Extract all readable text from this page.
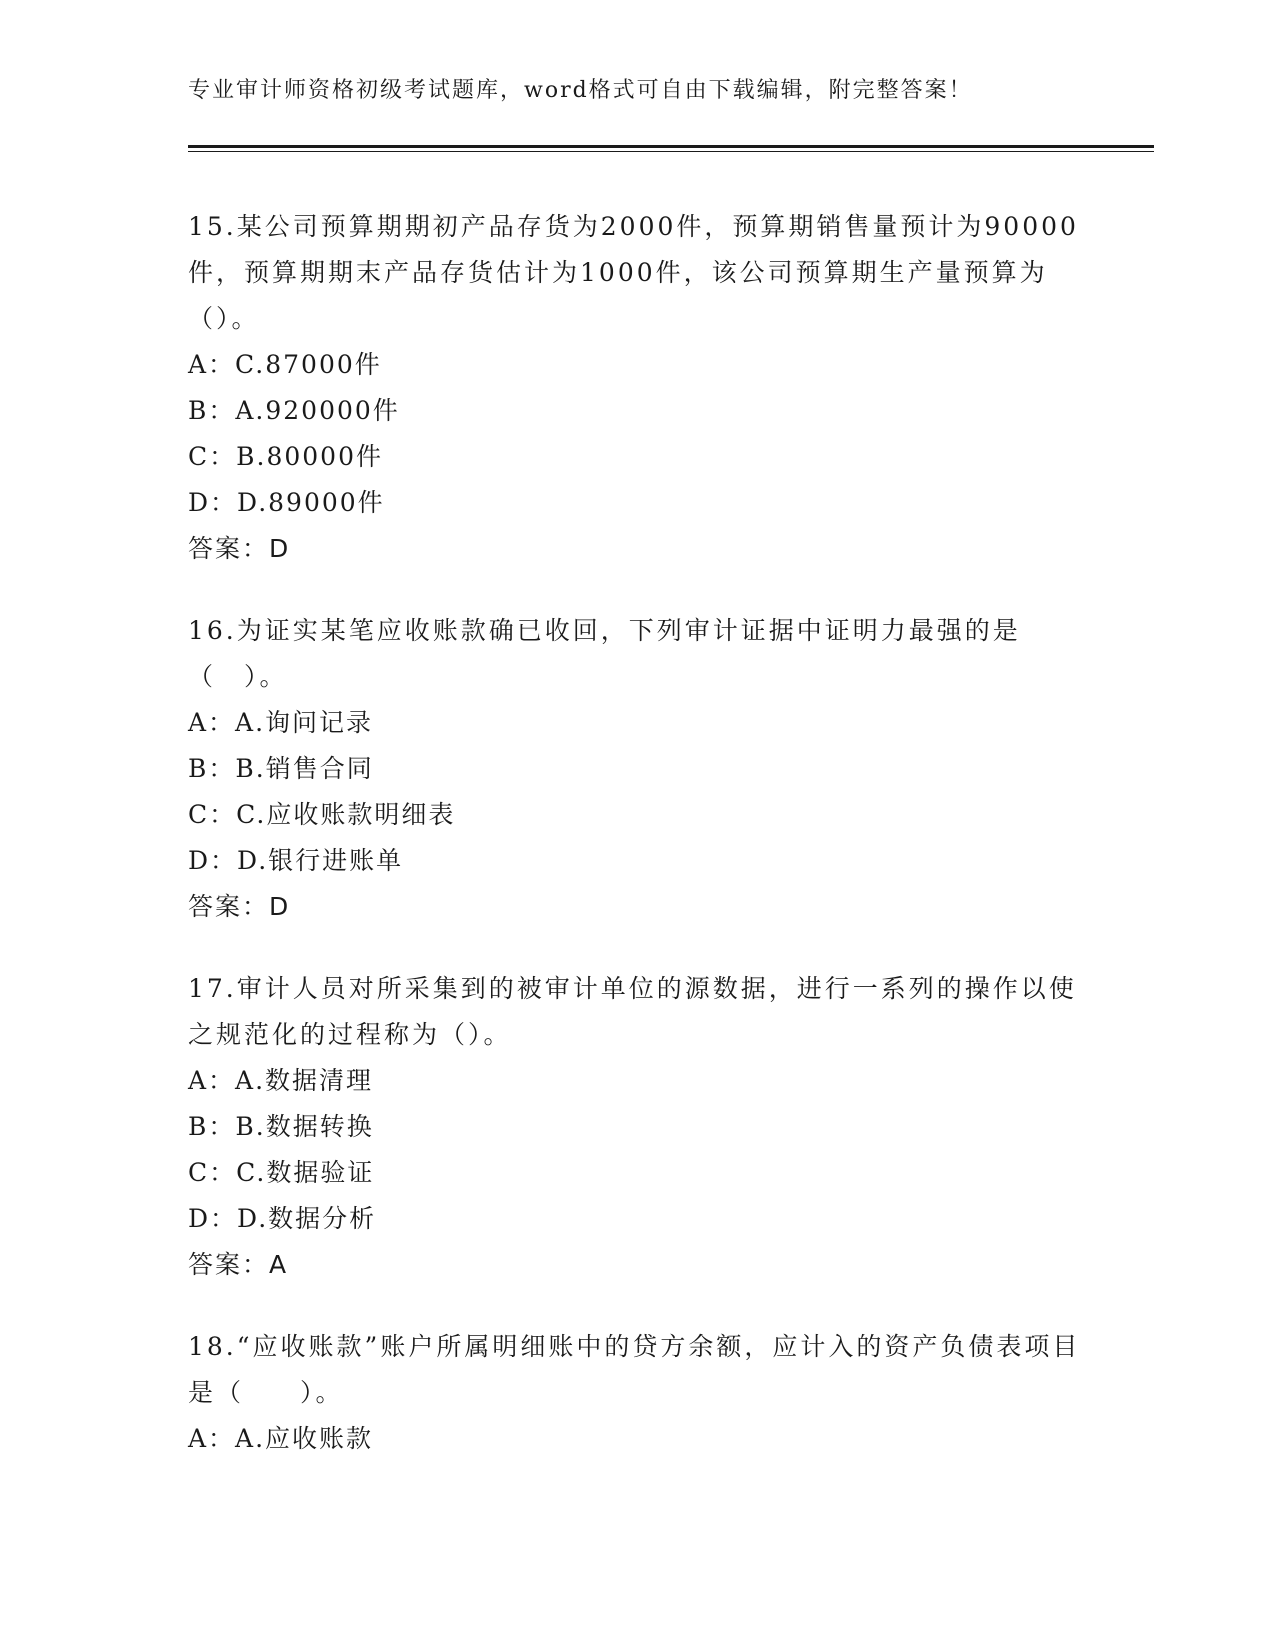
专业审计师资格初级考试题库，word格式可自由下载编辑，附完整答案！

15.某公司预算期期初产品存货为2000件，预算期销售量预计为90000件，预算期期末产品存货估计为1000件，该公司预算期生产量预算为（）。

A：C.87000件
B：A.920000件
C：B.80000件
D：D.89000件
答案：D

16.为证实某笔应收账款确已收回，下列审计证据中证明力最强的是（　）。

A：A.询问记录
B：B.销售合同
C：C.应收账款明细表
D：D.银行进账单
答案：D

17.审计人员对所采集到的被审计单位的源数据，进行一系列的操作以使之规范化的过程称为（）。

A：A.数据清理
B：B.数据转换
C：C.数据验证
D：D.数据分析
答案：A

18.“应收账款”账户所属明细账中的贷方余额，应计入的资产负债表项目是（　　）。

A：A.应收账款
